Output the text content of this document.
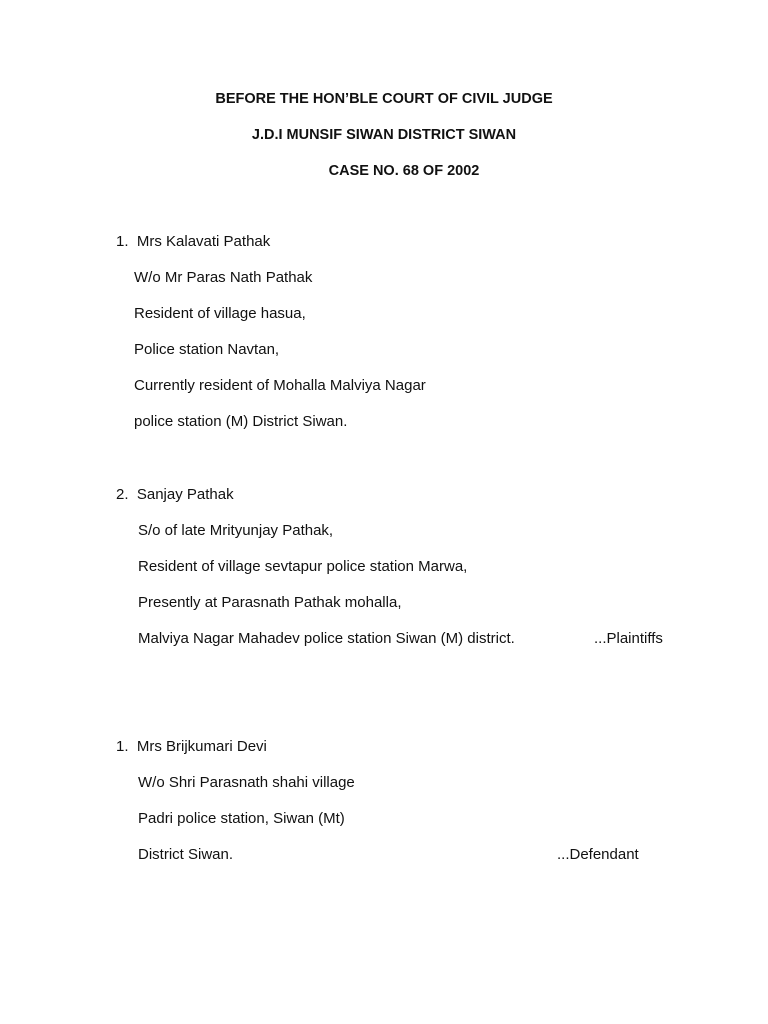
BEFORE THE HON’BLE COURT OF CIVIL JUDGE
J.D.I MUNSIF SIWAN DISTRICT SIWAN
CASE NO. 68 OF 2002
1. Mrs Kalavati Pathak
W/o Mr Paras Nath Pathak
Resident of village hasua,
Police station Navtan,
Currently resident of Mohalla Malviya Nagar
police station (M) District Siwan.
2. Sanjay Pathak
S/o of late Mrityunjay Pathak,
Resident of village sevtapur police station Marwa,
Presently at Parasnath Pathak mohalla,
Malviya Nagar Mahadev police station Siwan (M) district.	...Plaintiffs
1. Mrs Brijkumari Devi
W/o Shri Parasnath shahi village
Padri police station, Siwan (Mt)
District Siwan.	...Defendant
